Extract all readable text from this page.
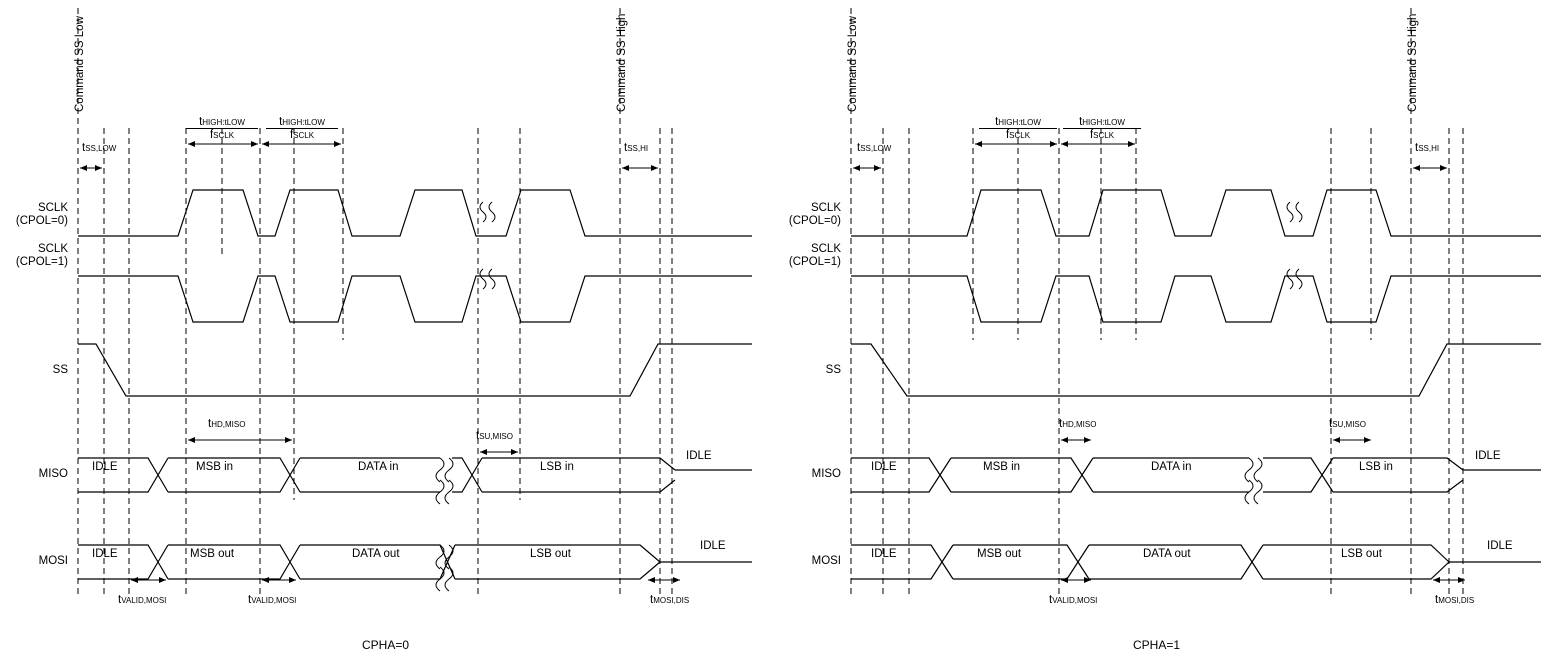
Command SS Low	Command SS High
SCLK
(CPOL=0)
SCLK
(CPOL=1)
SS
MISO
MOSI
tSS,LOW	tSS,HI
tHD,MISO
tSU,MISO
tVALID,MOSI	tVALID,MOSI	tMOSI,DIS
tHIGH:tLOW
fSCLK
tHIGH:tLOW
fSCLK
IDLE	MSB in	DATA in	LSB in
IDLE
IDLE	MSB out	DATA out	LSB out
IDLE
CPHA=0
Command SS Low	Command SS High
SCLK
(CPOL=0)
SCLK
(CPOL=1)
SS
MISO
MOSI
tSS,LOW	tSS,HI
tHD,MISO	tSU,MISO
tVALID,MOSI	tMOSI,DIS
tHIGH:tLOW
fSCLK
tHIGH:tLOW
fSCLK
IDLE	MSB in	DATA in	LSB in
IDLE
IDLE	MSB out	DATA out	LSB out
IDLE
CPHA=1
